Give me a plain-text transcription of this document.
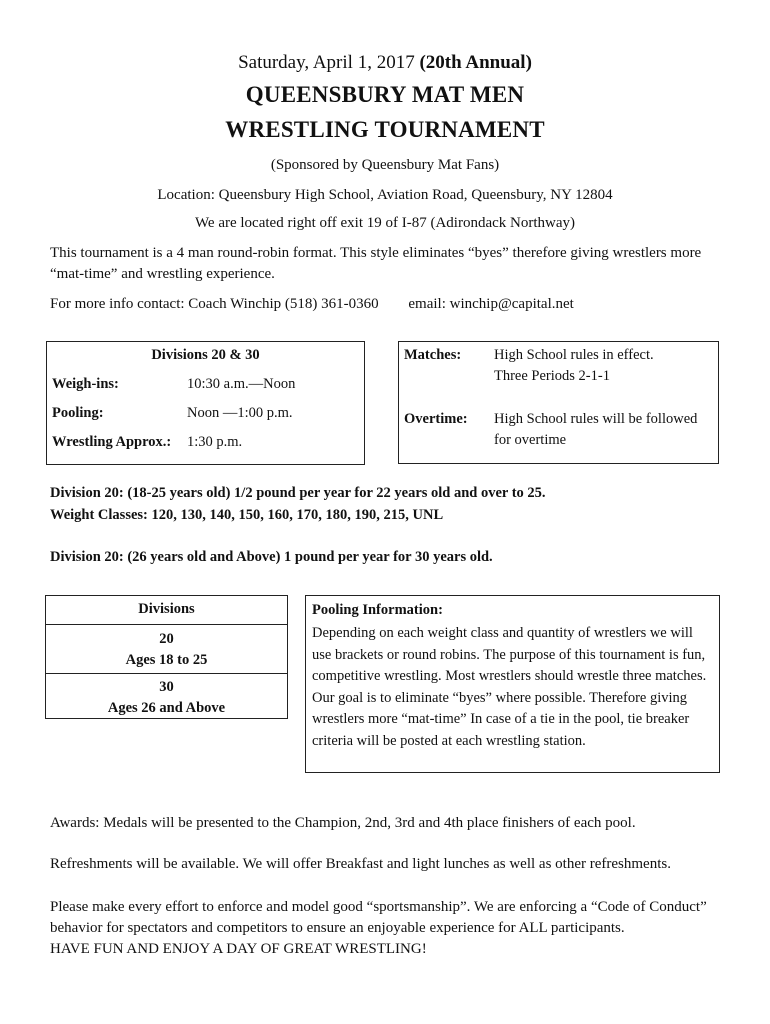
Saturday, April 1, 2017 (20th Annual)
QUEENSBURY MAT MEN
WRESTLING TOURNAMENT
(Sponsored by Queensbury Mat Fans)
Location: Queensbury High School, Aviation Road, Queensbury, NY 12804
We are located right off exit 19 of I-87 (Adirondack Northway)
This tournament is a 4 man round-robin format. This style eliminates “byes” therefore giving wrestlers more “mat-time” and wrestling experience.
For more info contact: Coach Winchip (518) 361-0360 email: winchip@capital.net
Divisions 20 & 30
Weigh-ins:	10:30 a.m.—Noon
Pooling:	Noon —1:00 p.m.
Wrestling Approx.: 1:30 p.m.
Matches: High School rules in effect.
Three Periods 2-1-1
Overtime: High School rules will be followed
for overtime
Division 20: (18-25 years old) 1/2 pound per year for 22 years old and over to 25.
Weight Classes: 120, 130, 140, 150, 160, 170, 180, 190, 215, UNL
Division 20: (26 years old and Above) 1 pound per year for 30 years old.
Divisions
20
Ages 18 to 25
30
Ages 26 and Above
Pooling Information:
Depending on each weight class and quantity of wrestlers we will use brackets or round robins. The purpose of this tournament is fun, competitive wrestling. Most wrestlers should wrestle three matches. Our goal is to eliminate “byes” where possible. Therefore giving wrestlers more “mat-time” In case of a tie in the pool, tie breaker criteria will be posted at each wrestling station.
Awards: Medals will be presented to the Champion, 2nd, 3rd and 4th place finishers of each pool.
Refreshments will be available. We will offer Breakfast and light lunches as well as other refreshments.
Please make every effort to enforce and model good “sportsmanship”. We are enforcing a “Code of Conduct” behavior for spectators and competitors to ensure an enjoyable experience for ALL participants.
HAVE FUN AND ENJOY A DAY OF GREAT WRESTLING!
